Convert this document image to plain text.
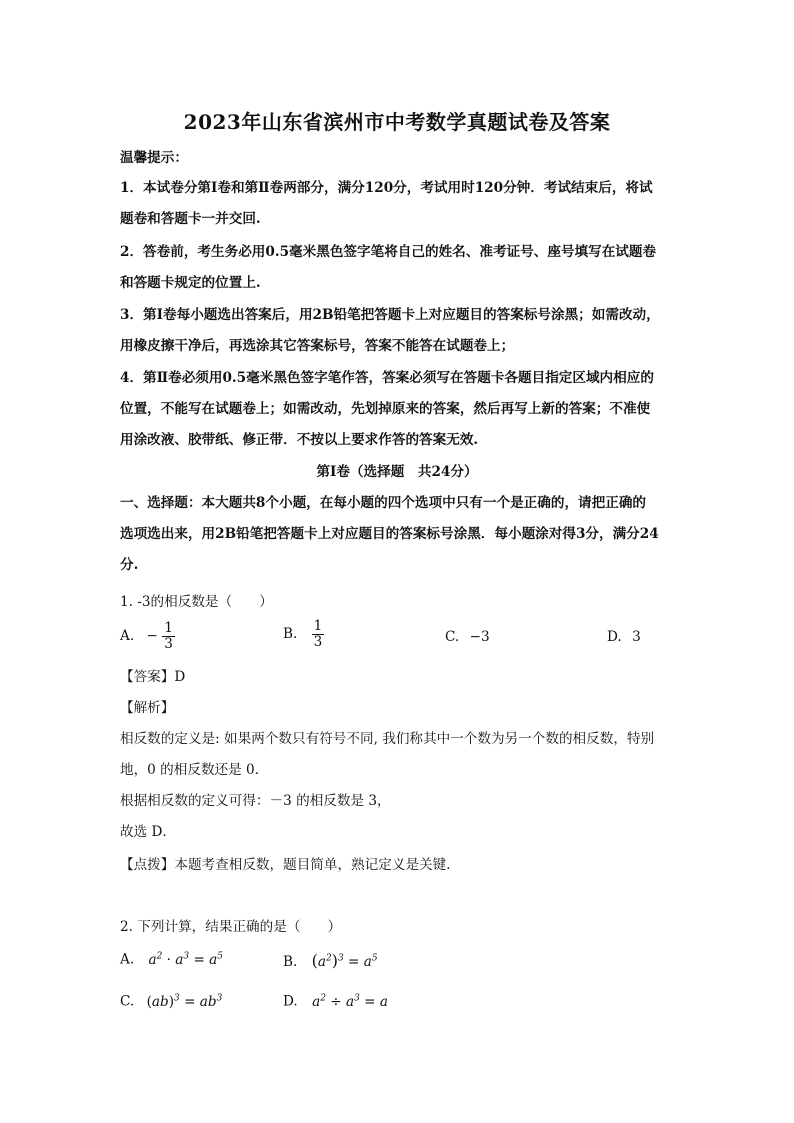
2023年山东省滨州市中考数学真题试卷及答案
温馨提示：
1．本试卷分第Ⅰ卷和第Ⅱ卷两部分，满分120分，考试用时120分钟．考试结束后，将试
题卷和答题卡一并交回.
2．答卷前，考生务必用0.5毫米黑色签字笔将自己的姓名、准考证号、座号填写在试题卷
和答题卡规定的位置上.
3．第Ⅰ卷每小题选出答案后，用2B铅笔把答题卡上对应题目的答案标号涂黑；如需改动，
用橡皮擦干净后，再选涂其它答案标号，答案不能答在试题卷上；
4．第Ⅱ卷必须用0.5毫米黑色签字笔作答，答案必须写在答题卡各题目指定区域内相应的
位置，不能写在试题卷上；如需改动，先划掉原来的答案，然后再写上新的答案；不准使
用涂改液、胶带纸、修正带．不按以上要求作答的答案无效.
第Ⅰ卷（选择题　共24分）
一、选择题：本大题共8个小题，在每小题的四个选项中只有一个是正确的，请把正确的
选项选出来，用2B铅笔把答题卡上对应题目的答案标号涂黑．每小题涂对得3分，满分24
分.
1. -3的相反数是（　　）
A. − $\frac{1}{3}$	B. $\frac{1}{3}$	C. −3	D. 3
【答案】D
【解析】
相反数的定义是: 如果两个数只有符号不同, 我们称其中一个数为另一个数的相反数，特别
地，0 的相反数还是 0．
根据相反数的定义可得：－3 的相反数是 3，
故选 D．
【点拨】本题考查相反数，题目简单，熟记定义是关键．
2. 下列计算，结果正确的是（　　）
A. $a^2 \cdot a^3 = a^5$	B. $(a^2)^3 = a^5$
C. $(ab)^3 = ab^3$	D. $a^2 \div a^3 = a$
